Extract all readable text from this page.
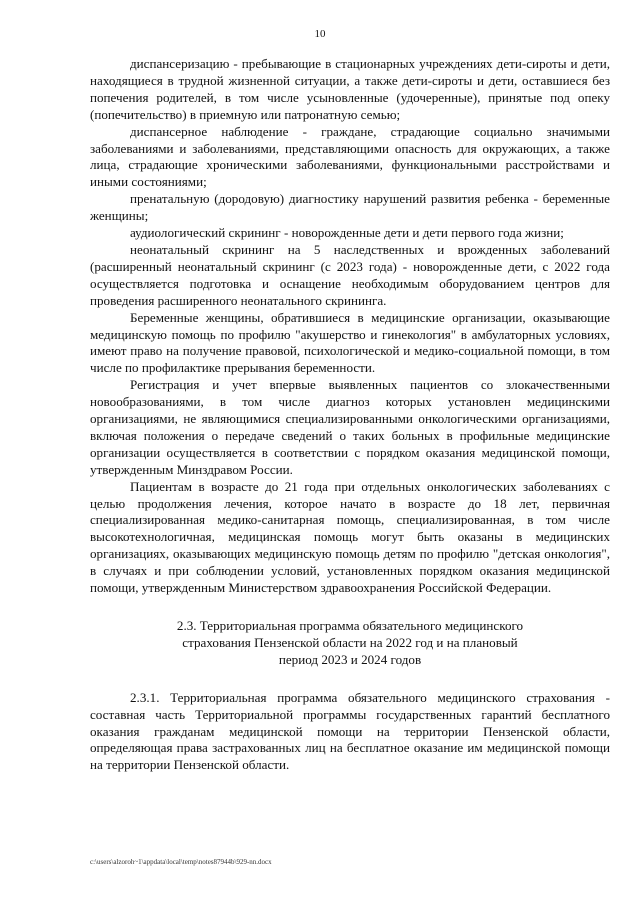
10

диспансеризацию - пребывающие в стационарных учреждениях дети-сироты и дети, находящиеся в трудной жизненной ситуации, а также дети-сироты и дети, оставшиеся без попечения родителей, в том числе усыновленные (удочеренные), принятые под опеку (попечительство) в приемную или патронатную семью;

диспансерное наблюдение - граждане, страдающие социально значимыми заболеваниями и заболеваниями, представляющими опасность для окружающих, а также лица, страдающие хроническими заболеваниями, функциональными расстройствами и иными состояниями;

пренатальную (дородовую) диагностику нарушений развития ребенка - беременные женщины;

аудиологический скрининг - новорожденные дети и дети первого года жизни;

неонатальный скрининг на 5 наследственных и врожденных заболеваний (расширенный неонатальный скрининг (с 2023 года) - новорожденные дети, с 2022 года осуществляется подготовка и оснащение необходимым оборудованием центров для проведения расширенного неонатального скрининга.

Беременные женщины, обратившиеся в медицинские организации, оказывающие медицинскую помощь по профилю "акушерство и гинекология" в амбулаторных условиях, имеют право на получение правовой, психологической и медико-социальной помощи, в том числе по профилактике прерывания беременности.

Регистрация и учет впервые выявленных пациентов со злокачественными новообразованиями, в том числе диагноз которых установлен медицинскими организациями, не являющимися специализированными онкологическими организациями, включая положения о передаче сведений о таких больных в профильные медицинские организации осуществляется в соответствии с порядком оказания медицинской помощи, утвержденным Минздравом России.

Пациентам в возрасте до 21 года при отдельных онкологических заболеваниях с целью продолжения лечения, которое начато в возрасте до 18 лет, первичная специализированная медико-санитарная помощь, специализированная, в том числе высокотехнологичная, медицинская помощь могут быть оказаны в медицинских организациях, оказывающих медицинскую помощь детям по профилю "детская онкология", в случаях и при соблюдении условий, установленных порядком оказания медицинской помощи, утвержденным Министерством здравоохранения Российской Федерации.

2.3. Территориальная программа обязательного медицинского
страхования Пензенской области на 2022 год и на плановый
период 2023 и 2024 годов

2.3.1. Территориальная программа обязательного медицинского страхования - составная часть Территориальной программы государственных гарантий бесплатного оказания гражданам медицинской помощи на территории Пензенской области, определяющая права застрахованных лиц на бесплатное оказание им медицинской помощи на территории Пензенской области.

c:\users\alzoroh~1\appdata\local\temp\notes87944b\929-nn.docx
